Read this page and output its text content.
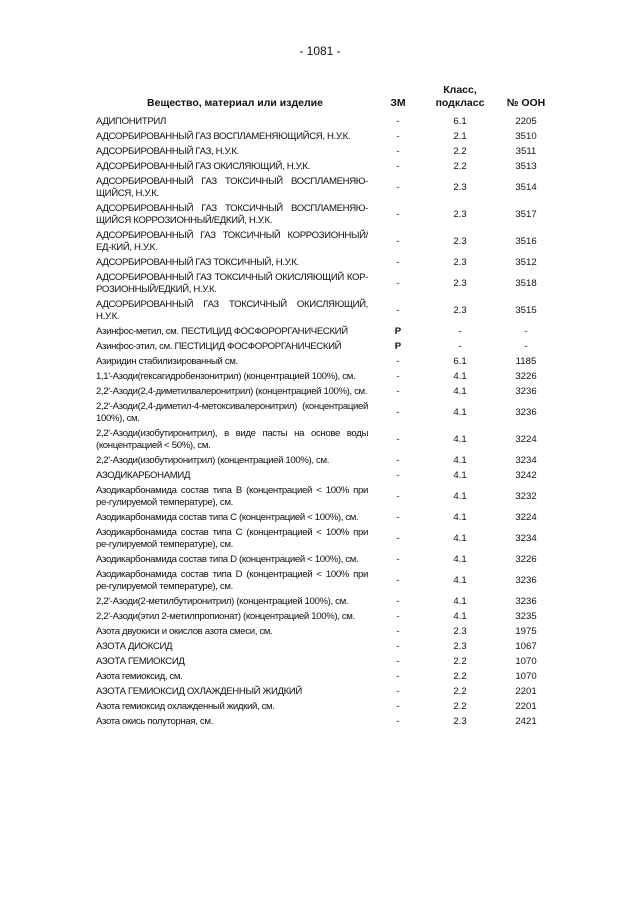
- 1081 -
Вещество, материал или изделие	ЗМ	Класс, подкласс	№ ООН
АДИПОНИТРИЛ	-	6.1	2205
АДСОРБИРОВАННЫЙ ГАЗ ВОСПЛАМЕНЯЮЩИЙСЯ, Н.У.К.	-	2.1	3510
АДСОРБИРОВАННЫЙ ГАЗ, Н.У.К.	-	2.2	3511
АДСОРБИРОВАННЫЙ ГАЗ ОКИСЛЯЮЩИЙ, Н.У.К.	-	2.2	3513
АДСОРБИРОВАННЫЙ ГАЗ ТОКСИЧНЫЙ ВОСПЛАМЕНЯЮ-ЩИЙСЯ, Н.У.К.	-	2.3	3514
АДСОРБИРОВАННЫЙ ГАЗ ТОКСИЧНЫЙ ВОСПЛАМЕНЯЮ-ЩИЙСЯ КОРРОЗИОННЫЙ/ЕДКИЙ, Н.У.К.	-	2.3	3517
АДСОРБИРОВАННЫЙ ГАЗ ТОКСИЧНЫЙ КОРРОЗИОННЫЙ/ЕД-КИЙ, Н.У.К.	-	2.3	3516
АДСОРБИРОВАННЫЙ ГАЗ ТОКСИЧНЫЙ, Н.У.К.	-	2.3	3512
АДСОРБИРОВАННЫЙ ГАЗ ТОКСИЧНЫЙ ОКИСЛЯЮЩИЙ КОР-РОЗИОННЫЙ/ЕДКИЙ, Н.У.К.	-	2.3	3518
АДСОРБИРОВАННЫЙ ГАЗ ТОКСИЧНЫЙ ОКИСЛЯЮЩИЙ, Н.У.К.	-	2.3	3515
Азинфос-метил, см. ПЕСТИЦИД ФОСФОРОРГАНИЧЕСКИЙ	Р	-	-
Азинфос-этил, см. ПЕСТИЦИД ФОСФОРОРГАНИЧЕСКИЙ	Р	-	-
Азиридин стабилизированный см.	-	6.1	1185
1,1'-Азоди(гексагидробензонитрил) (концентрацией 100%), см.	-	4.1	3226
2,2'-Азоди(2,4-диметилвалеронитрил) (концентрацией 100%), см.	-	4.1	3236
2,2'-Азоди(2,4-диметил-4-метоксивалеронитрил) (концентрацией 100%), см.	-	4.1	3236
2,2'-Азоди(изобутиронитрил), в виде пасты на основе воды (концентрацией < 50%), см.	-	4.1	3224
2,2'-Азоди(изобутиронитрил) (концентрацией 100%), см.	-	4.1	3234
АЗОДИКАРБОНАМИД	-	4.1	3242
Азодикарбонамида состав типа В (концентрацией < 100% при ре-гулируемой температуре), см.	-	4.1	3232
Азодикарбонамида состав типа С (концентрацией < 100%), см.	-	4.1	3224
Азодикарбонамида состав типа С (концентрацией < 100% при ре-гулируемой температуре), см.	-	4.1	3234
Азодикарбонамида состав типа D (концентрацией < 100%), см.	-	4.1	3226
Азодикарбонамида состав типа D (концентрацией < 100% при ре-гулируемой температуре), см.	-	4.1	3236
2,2'-Азоди(2-метилбутиронитрил) (концентрацией 100%), см.	-	4.1	3236
2,2'-Азоди(этил 2-метилпропионат) (концентрацией 100%), см.	-	4.1	3235
Азота двуокиси и окислов азота смеси, см.	-	2.3	1975
АЗОТА ДИОКСИД	-	2.3	1067
АЗОТА ГЕМИОКСИД	-	2.2	1070
Азота гемиоксид, см.	-	2.2	1070
АЗОТА ГЕМИОКСИД ОХЛАЖДЕННЫЙ ЖИДКИЙ	-	2.2	2201
Азота гемиоксид охлажденный жидкий, см.	-	2.2	2201
Азота окись полуторная, см.	-	2.3	2421
